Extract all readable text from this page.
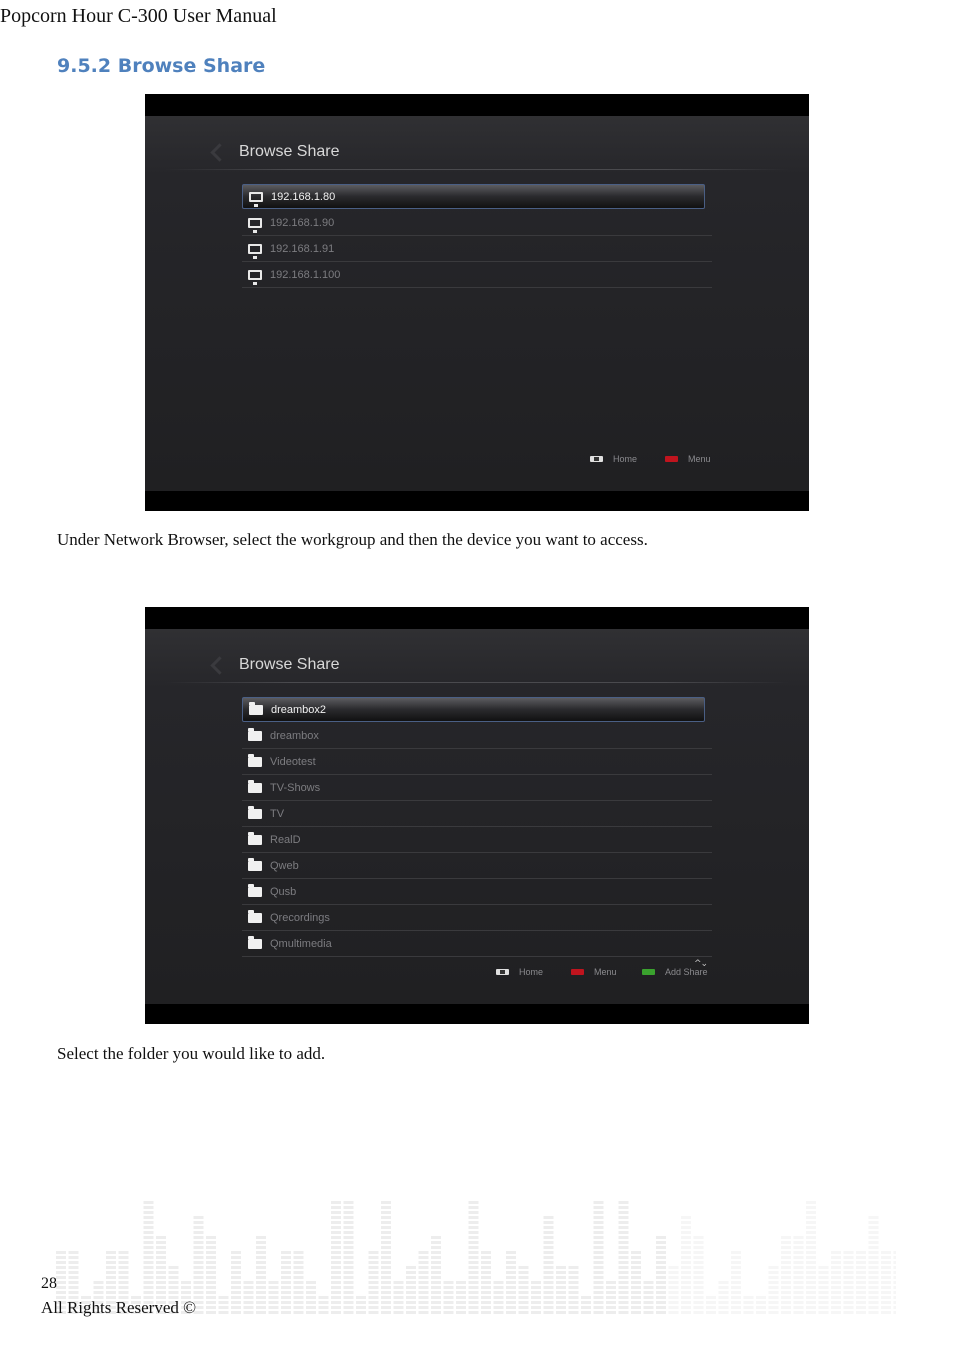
Popcorn Hour C-300 User Manual
9.5.2 Browse Share
Browse Share
192.168.1.80
192.168.1.90
192.168.1.91
192.168.1.100
Home	Menu
Under Network Browser, select the workgroup and then the device you want to access.
Browse Share
dreambox2
dreambox
Videotest
TV-Shows
TV
RealD
Qweb
Qusb
Qrecordings
Qmultimedia
^⌄
Home	Menu	Add Share
Select the folder you would like to add.
28
All Rights Reserved ©
